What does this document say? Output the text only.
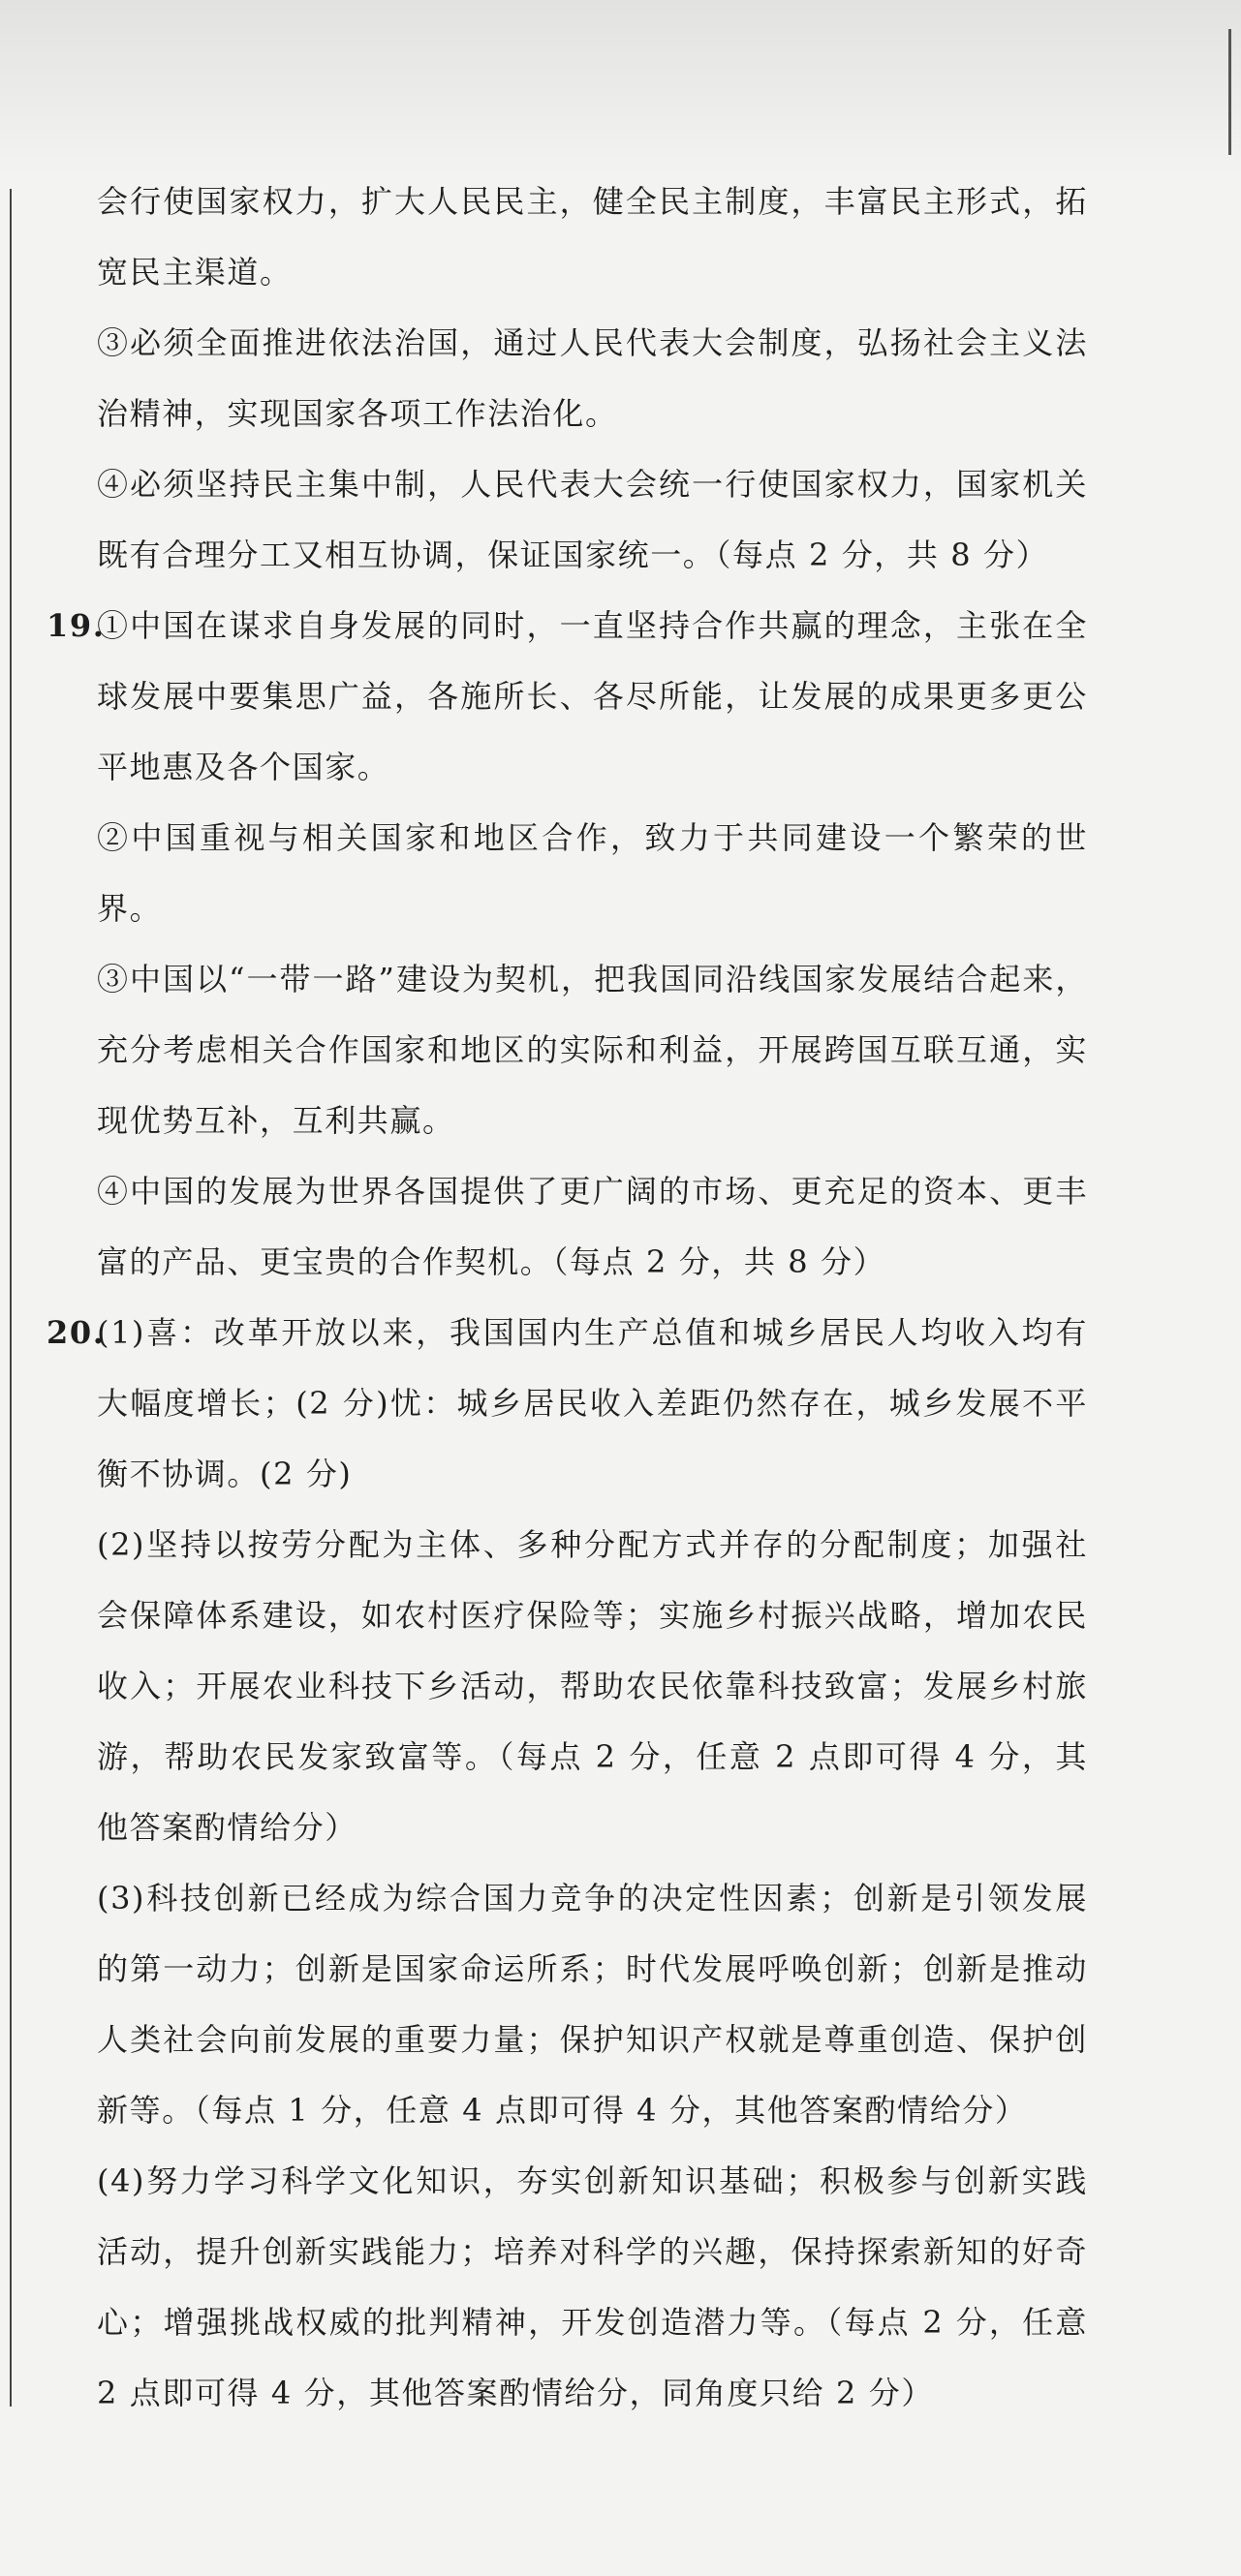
会行使国家权力，扩大人民民主，健全民主制度，丰富民主形式，拓宽民主渠道。
③必须全面推进依法治国，通过人民代表大会制度，弘扬社会主义法治精神，实现国家各项工作法治化。
④必须坚持民主集中制，人民代表大会统一行使国家权力，国家机关既有合理分工又相互协调，保证国家统一。（每点 2 分，共 8 分）
19.
①中国在谋求自身发展的同时，一直坚持合作共赢的理念，主张在全球发展中要集思广益，各施所长、各尽所能，让发展的成果更多更公平地惠及各个国家。
②中国重视与相关国家和地区合作，致力于共同建设一个繁荣的世界。
③中国以“一带一路”建设为契机，把我国同沿线国家发展结合起来，充分考虑相关合作国家和地区的实际和利益，开展跨国互联互通，实现优势互补，互利共赢。
④中国的发展为世界各国提供了更广阔的市场、更充足的资本、更丰富的产品、更宝贵的合作契机。（每点 2 分，共 8 分）
20.
(1)喜：改革开放以来，我国国内生产总值和城乡居民人均收入均有大幅度增长；(2 分)忧：城乡居民收入差距仍然存在，城乡发展不平衡不协调。(2 分)
(2)坚持以按劳分配为主体、多种分配方式并存的分配制度；加强社会保障体系建设，如农村医疗保险等；实施乡村振兴战略，增加农民收入；开展农业科技下乡活动，帮助农民依靠科技致富；发展乡村旅游，帮助农民发家致富等。（每点 2 分，任意 2 点即可得 4 分，其他答案酌情给分）
(3)科技创新已经成为综合国力竞争的决定性因素；创新是引领发展的第一动力；创新是国家命运所系；时代发展呼唤创新；创新是推动人类社会向前发展的重要力量；保护知识产权就是尊重创造、保护创新等。（每点 1 分，任意 4 点即可得 4 分，其他答案酌情给分）
(4)努力学习科学文化知识，夯实创新知识基础；积极参与创新实践活动，提升创新实践能力；培养对科学的兴趣，保持探索新知的好奇心；增强挑战权威的批判精神，开发创造潜力等。（每点 2 分，任意 2 点即可得 4 分，其他答案酌情给分，同角度只给 2 分）
